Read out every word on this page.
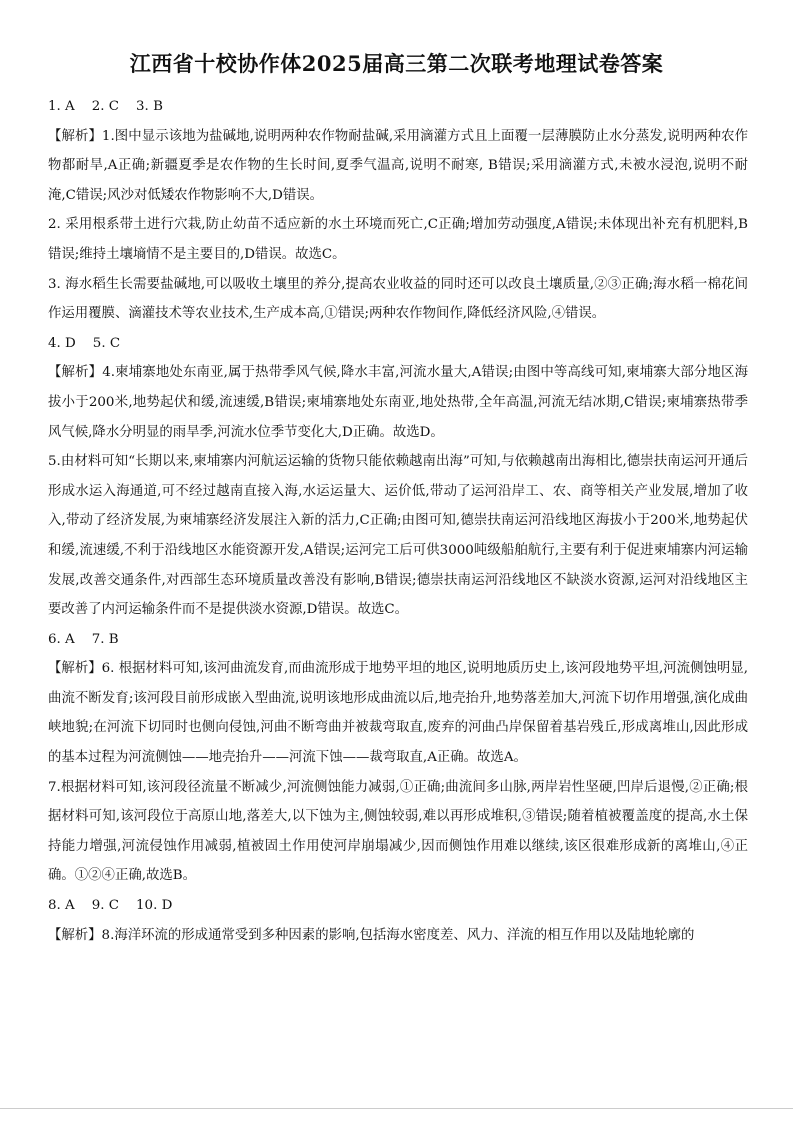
江西省十校协作体2025届高三第二次联考地理试卷答案

1. A    2. C    3. B

【解析】1.图中显示该地为盐碱地,说明两种农作物耐盐碱,采用滴灌方式且上面覆一层薄膜防止水分蒸发,说明两种农作物都耐旱,A正确;新疆夏季是农作物的生长时间,夏季气温高,说明不耐寒, B错误;采用滴灌方式,未被水浸泡,说明不耐淹,C错误;风沙对低矮农作物影响不大,D错误。

2. 采用根系带土进行穴栽,防止幼苗不适应新的水土环境而死亡,C正确;增加劳动强度,A错误;未体现出补充有机肥料,B错误;维持土壤墒情不是主要目的,D错误。故选C。

3. 海水稻生长需要盐碱地,可以吸收土壤里的养分,提高农业收益的同时还可以改良土壤质量,②③正确;海水稻一棉花间作运用覆膜、滴灌技术等农业技术,生产成本高,①错误;两种农作物间作,降低经济风险,④错误。

4. D    5. C

【解析】4.柬埔寨地处东南亚,属于热带季风气候,降水丰富,河流水量大,A错误;由图中等高线可知,柬埔寨大部分地区海拔小于200米,地势起伏和缓,流速缓,B错误;柬埔寨地处东南亚,地处热带,全年高温,河流无结冰期,C错误;柬埔寨热带季风气候,降水分明显的雨旱季,河流水位季节变化大,D正确。故选D。

5.由材料可知“长期以来,柬埔寨内河航运运输的货物只能依赖越南出海”可知,与依赖越南出海相比,德崇扶南运河开通后形成水运入海通道,可不经过越南直接入海,水运运量大、运价低,带动了运河沿岸工、农、商等相关产业发展,增加了收入,带动了经济发展,为柬埔寨经济发展注入新的活力,C正确;由图可知,德崇扶南运河沿线地区海拔小于200米,地势起伏和缓,流速缓,不利于沿线地区水能资源开发,A错误;运河完工后可供3000吨级船舶航行,主要有利于促进柬埔寨内河运输发展,改善交通条件,对西部生态环境质量改善没有影响,B错误;德崇扶南运河沿线地区不缺淡水资源,运河对沿线地区主要改善了内河运输条件而不是提供淡水资源,D错误。故选C。

6. A    7. B

【解析】6. 根据材料可知,该河曲流发育,而曲流形成于地势平坦的地区,说明地质历史上,该河段地势平坦,河流侧蚀明显,曲流不断发育;该河段目前形成嵌入型曲流,说明该地形成曲流以后,地壳抬升,地势落差加大,河流下切作用增强,演化成曲峡地貌;在河流下切同时也侧向侵蚀,河曲不断弯曲并被裁弯取直,废弃的河曲凸岸保留着基岩残丘,形成离堆山,因此形成的基本过程为河流侧蚀——地壳抬升——河流下蚀——裁弯取直,A正确。故选A。

7.根据材料可知,该河段径流量不断减少,河流侧蚀能力减弱,①正确;曲流间多山脉,两岸岩性坚硬,凹岸后退慢,②正确;根据材料可知,该河段位于高原山地,落差大,以下蚀为主,侧蚀较弱,难以再形成堆积,③错误;随着植被覆盖度的提高,水土保持能力增强,河流侵蚀作用减弱,植被固土作用使河岸崩塌减少,因而侧蚀作用难以继续,该区很难形成新的离堆山,④正确。①②④正确,故选B。

8. A    9. C    10. D

【解析】8.海洋环流的形成通常受到多种因素的影响,包括海水密度差、风力、洋流的相互作用以及陆地轮廓的
